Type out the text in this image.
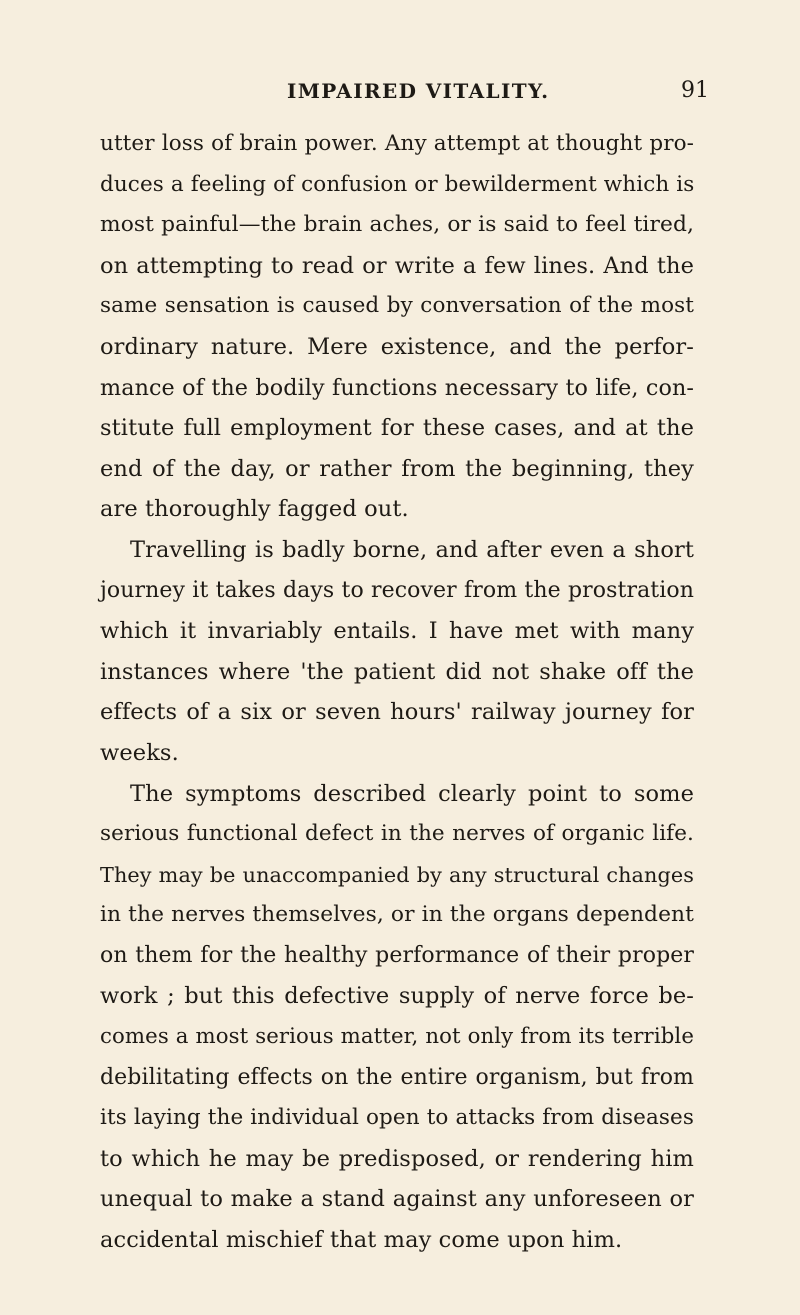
IMPAIRED VITALITY.	91
utter loss of brain power. Any attempt at thought pro-
duces a feeling of confusion or bewilderment which is
most painful—the brain aches, or is said to feel tired,
on attempting to read or write a few lines. And the
same sensation is caused by conversation of the most
ordinary nature. Mere existence, and the perfor-
mance of the bodily functions necessary to life, con-
stitute full employment for these cases, and at the
end of the day, or rather from the beginning, they
are thoroughly fagged out.
Travelling is badly borne, and after even a short
journey it takes days to recover from the prostration
which it invariably entails. I have met with many
instances where 'the patient did not shake off the
effects of a six or seven hours' railway journey for
weeks.
The symptoms described clearly point to some
serious functional defect in the nerves of organic life.
They may be unaccompanied by any structural changes
in the nerves themselves, or in the organs dependent
on them for the healthy performance of their proper
work ; but this defective supply of nerve force be-
comes a most serious matter, not only from its terrible
debilitating effects on the entire organism, but from
its laying the individual open to attacks from diseases
to which he may be predisposed, or rendering him
unequal to make a stand against any unforeseen or
accidental mischief that may come upon him.
